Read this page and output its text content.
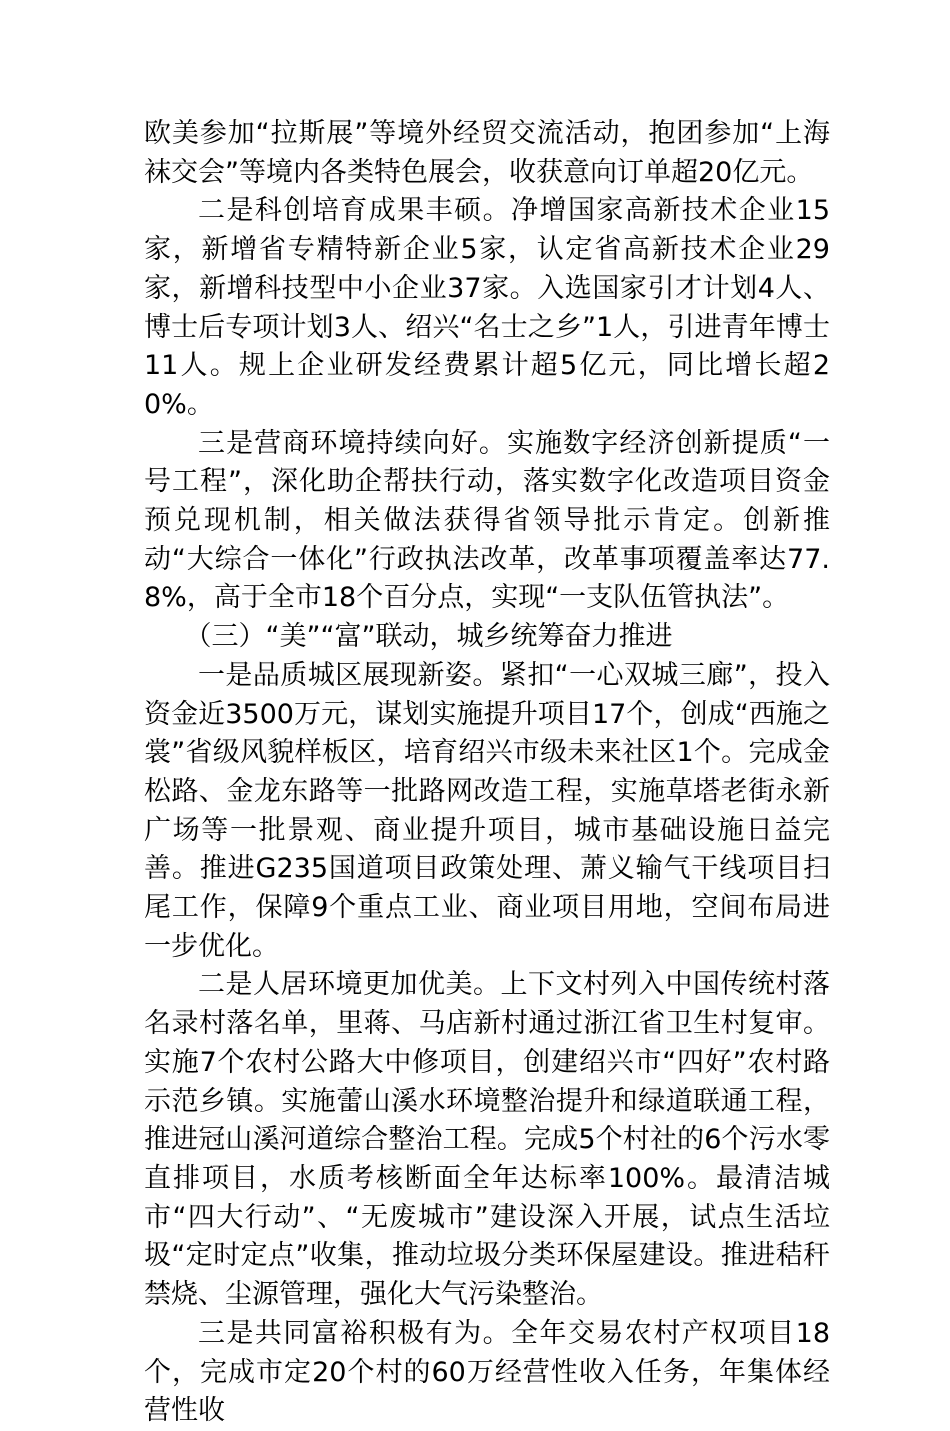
欧美参加“拉斯展”等境外经贸交流活动，抱团参加“上海袜交会”等境内各类特色展会，收获意向订单超20亿元。

二是科创培育成果丰硕。净增国家高新技术企业15家，新增省专精特新企业5家，认定省高新技术企业29家，新增科技型中小企业37家。入选国家引才计划4人、博士后专项计划3人、绍兴“名士之乡”1人，引进青年博士11人。规上企业研发经费累计超5亿元，同比增长超20%。

三是营商环境持续向好。实施数字经济创新提质“一号工程”，深化助企帮扶行动，落实数字化改造项目资金预兑现机制，相关做法获得省领导批示肯定。创新推动“大综合一体化”行政执法改革，改革事项覆盖率达77.8%，高于全市18个百分点，实现“一支队伍管执法”。

（三）“美”“富”联动，城乡统筹奋力推进

一是品质城区展现新姿。紧扣“一心双城三廊”，投入资金近3500万元，谋划实施提升项目17个，创成“西施之裳”省级风貌样板区，培育绍兴市级未来社区1个。完成金松路、金龙东路等一批路网改造工程，实施草塔老街永新广场等一批景观、商业提升项目，城市基础设施日益完善。推进G235国道项目政策处理、萧义输气干线项目扫尾工作，保障9个重点工业、商业项目用地，空间布局进一步优化。

二是人居环境更加优美。上下文村列入中国传统村落名录村落名单，里蒋、马店新村通过浙江省卫生村复审。实施7个农村公路大中修项目，创建绍兴市“四好”农村路示范乡镇。实施蕾山溪水环境整治提升和绿道联通工程，推进冠山溪河道综合整治工程。完成5个村社的6个污水零直排项目，水质考核断面全年达标率100%。最清洁城市“四大行动”、“无废城市”建设深入开展，试点生活垃圾“定时定点”收集，推动垃圾分类环保屋建设。推进秸秆禁烧、尘源管理，强化大气污染整治。

三是共同富裕积极有为。全年交易农村产权项目18个，完成市定20个村的60万经营性收入任务，年集体经营性收
